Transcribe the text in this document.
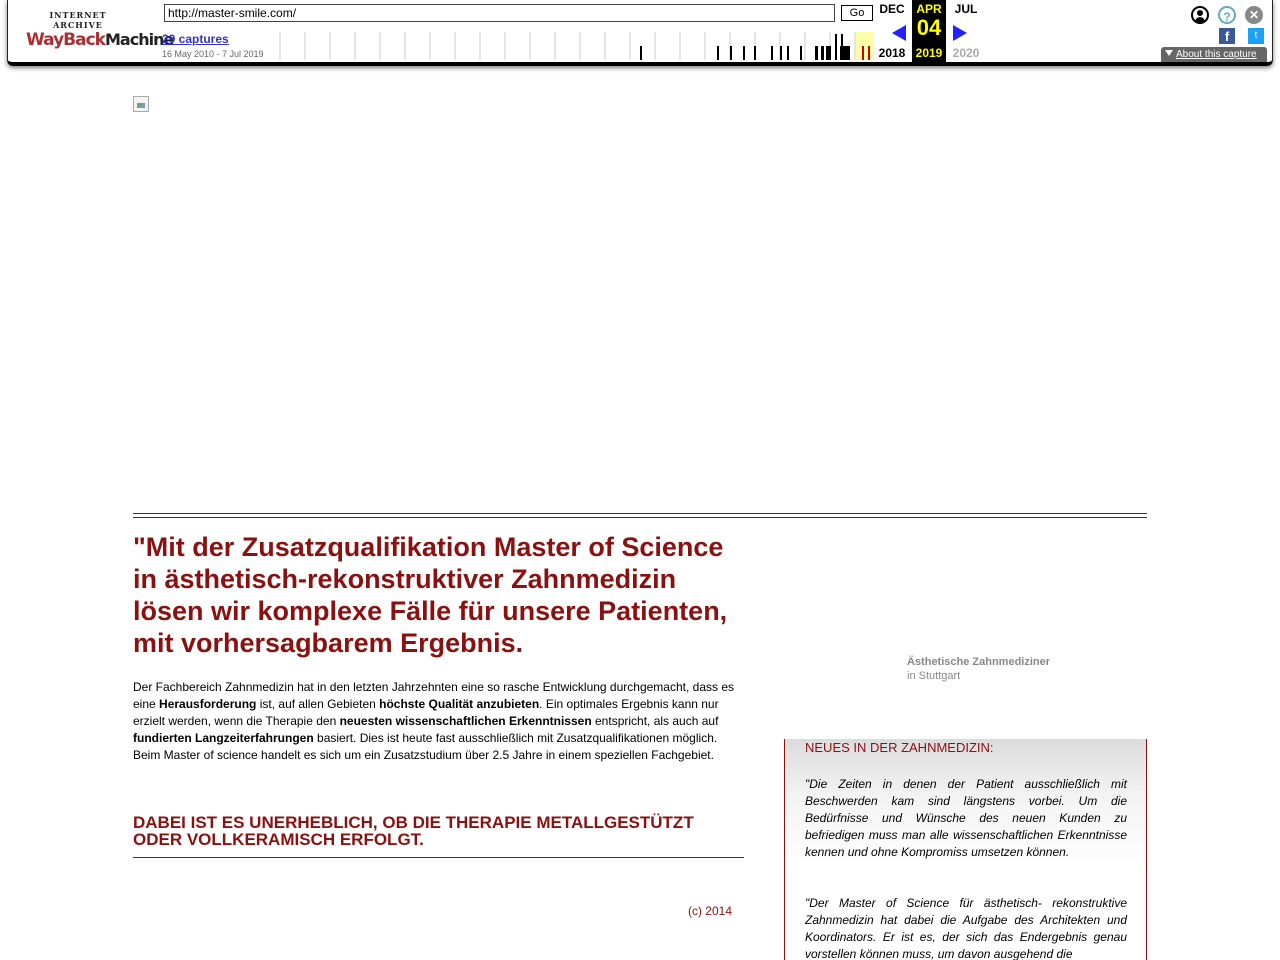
INTERNET ARCHIVE
WayBackMachine
http://master-smile.com/	Go
29 captures
16 May 2010 - 7 Jul 2019
DEC
2018
APR
04
2019
JUL
2020
?	✕
f	t
About this capture
"Mit der Zusatzqualifikation Master of Science in ästhetisch-rekonstruktiver Zahnmedizin lösen wir komplexe Fälle für unsere Patienten, mit vorhersagbarem Ergebnis.

Der Fachbereich Zahnmedizin hat in den letzten Jahrzehnten eine so rasche Entwicklung durchgemacht, dass es eine Herausforderung ist, auf allen Gebieten höchste Qualität anzubieten. Ein optimales Ergebnis kann nur erzielt werden, wenn die Therapie den neuesten wissenschaftlichen Erkenntnissen entspricht, als auch auf fundierten Langzeiterfahrungen basiert. Dies ist heute fast ausschließlich mit Zusatzqualifikationen möglich. Beim Master of science handelt es sich um ein Zusatzstudium über 2.5 Jahre in einem speziellen Fachgebiet.

DABEI IST ES UNERHEBLICH, OB DIE THERAPIE METALLGESTÜTZT ODER VOLLKERAMISCH ERFOLGT.
(c) 2014
Ästhetische Zahnmediziner
in Stuttgart
NEUES IN DER ZAHNMEDIZIN:

"Die Zeiten in denen der Patient ausschließlich mit Beschwerden kam sind längstens vorbei. Um die Bedürfnisse und Wünsche des neuen Kunden zu befriedigen muss man alle wissenschaftlichen Erkenntnisse kennen und ohne Kompromiss umsetzen können.

"Der Master of Science für ästhetisch- rekonstruktive Zahnmedizin hat dabei die Aufgabe des Architekten und Koordinators. Er ist es, der sich das Endergebnis genau vorstellen können muss, um davon ausgehend die
